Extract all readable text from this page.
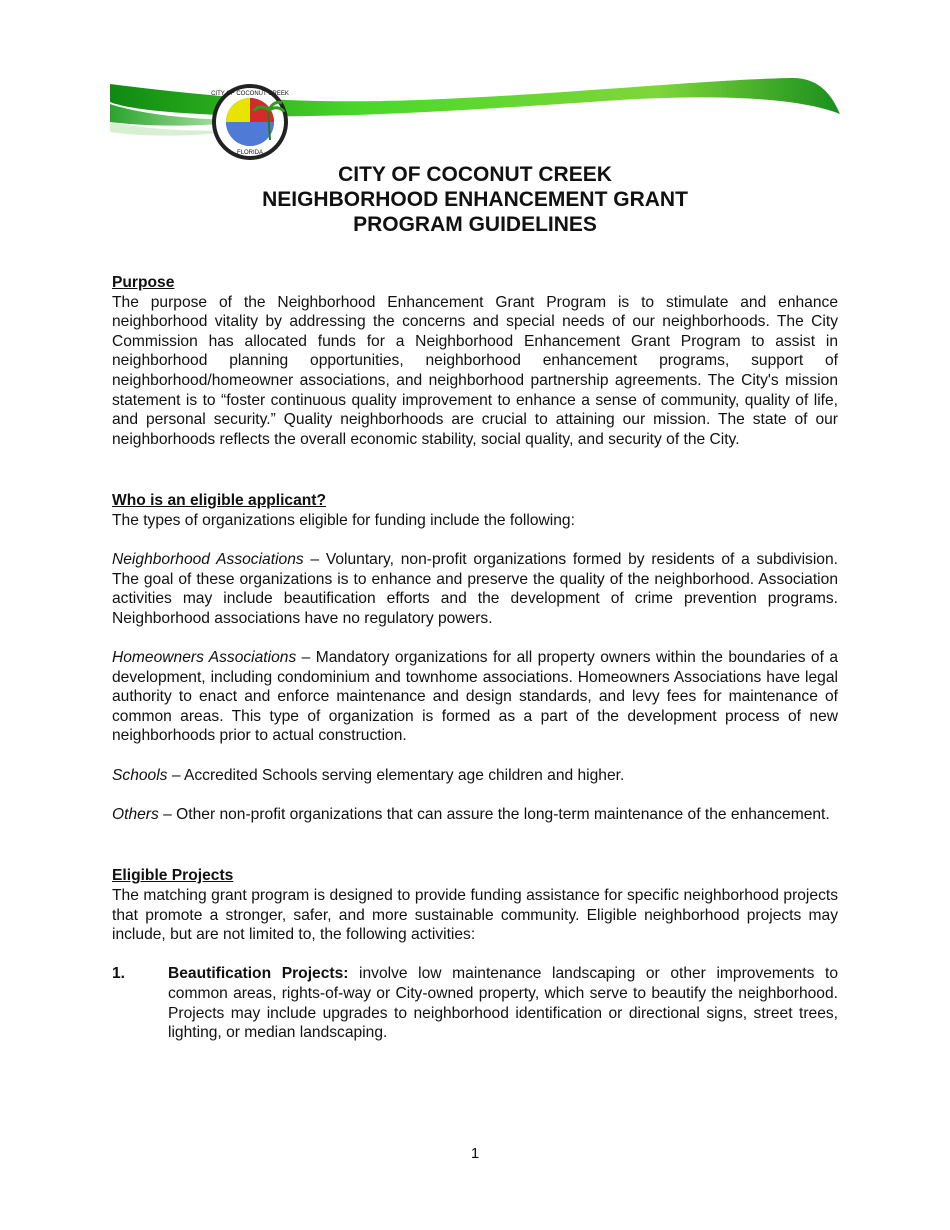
CITY OF COCONUT CREEK
FLORIDA
CITY OF COCONUT CREEK
NEIGHBORHOOD ENHANCEMENT GRANT
PROGRAM GUIDELINES
Purpose

The purpose of the Neighborhood Enhancement Grant Program is to stimulate and enhance neighborhood vitality by addressing the concerns and special needs of our neighborhoods. The City Commission has allocated funds for a Neighborhood Enhancement Grant Program to assist in neighborhood planning opportunities, neighborhood enhancement programs, support of neighborhood/homeowner associations, and neighborhood partnership agreements. The City's mission statement is to “foster continuous quality improvement to enhance a sense of community, quality of life, and personal security.” Quality neighborhoods are crucial to attaining our mission. The state of our neighborhoods reflects the overall economic stability, social quality, and security of the City.

Who is an eligible applicant?

The types of organizations eligible for funding include the following:

Neighborhood Associations – Voluntary, non-profit organizations formed by residents of a subdivision. The goal of these organizations is to enhance and preserve the quality of the neighborhood. Association activities may include beautification efforts and the development of crime prevention programs. Neighborhood associations have no regulatory powers.

Homeowners Associations – Mandatory organizations for all property owners within the boundaries of a development, including condominium and townhome associations. Homeowners Associations have legal authority to enact and enforce maintenance and design standards, and levy fees for maintenance of common areas. This type of organization is formed as a part of the development process of new neighborhoods prior to actual construction.

Schools – Accredited Schools serving elementary age children and higher.

Others – Other non-profit organizations that can assure the long-term maintenance of the enhancement.

Eligible Projects

The matching grant program is designed to provide funding assistance for specific neighborhood projects that promote a stronger, safer, and more sustainable community. Eligible neighborhood projects may include, but are not limited to, the following activities:

1.	Beautification Projects: involve low maintenance landscaping or other improvements to common areas, rights-of-way or City-owned property, which serve to beautify the neighborhood. Projects may include upgrades to neighborhood identification or directional signs, street trees, lighting, or median landscaping.
1
